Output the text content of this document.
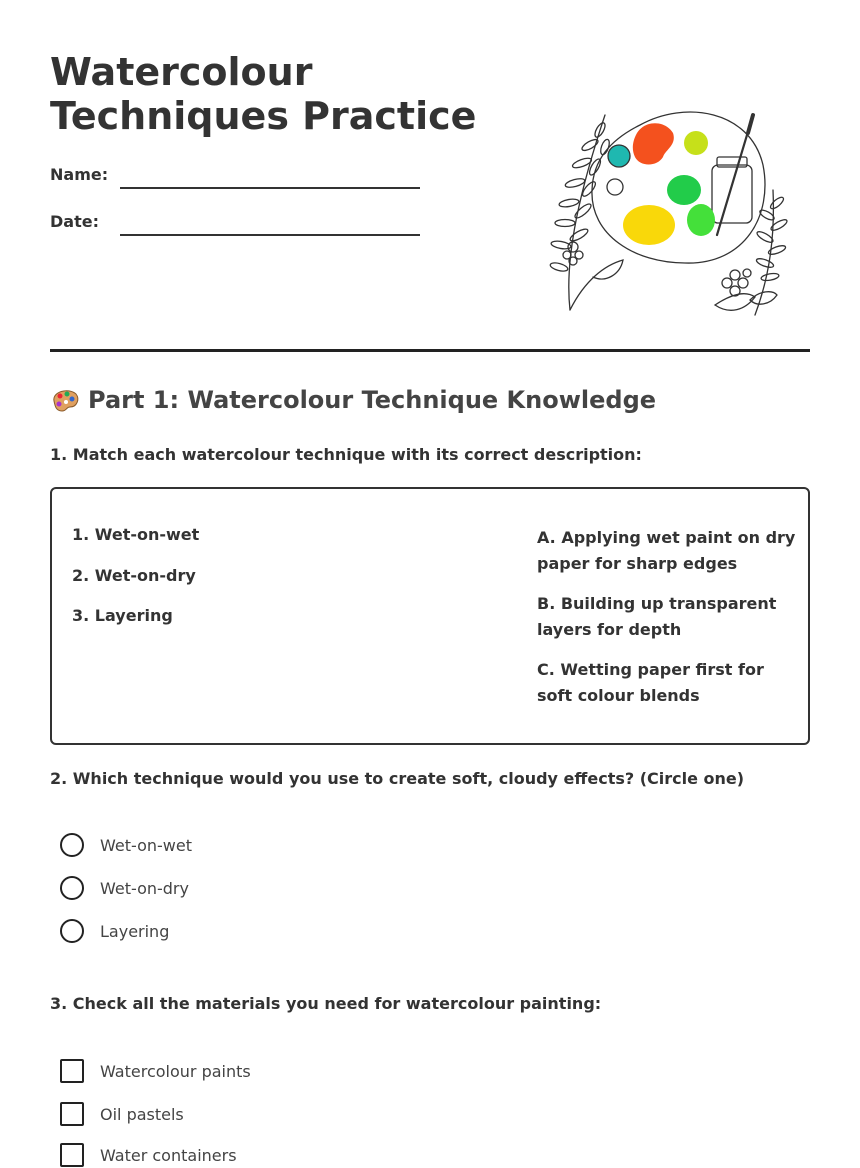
Watercolour Techniques Practice
Name:
Date:
Part 1: Watercolour Technique Knowledge

1. Match each watercolour technique with its correct description:

1. Wet-on-wet
2. Wet-on-dry
3. Layering
A. Applying wet paint on dry paper for sharp edges
B. Building up transparent layers for depth
C. Wetting paper first for soft colour blends

2. Which technique would you use to create soft, cloudy effects? (Circle one)

Wet-on-wet
Wet-on-dry
Layering

3. Check all the materials you need for watercolour painting:

Watercolour paints
Oil pastels
Water containers
